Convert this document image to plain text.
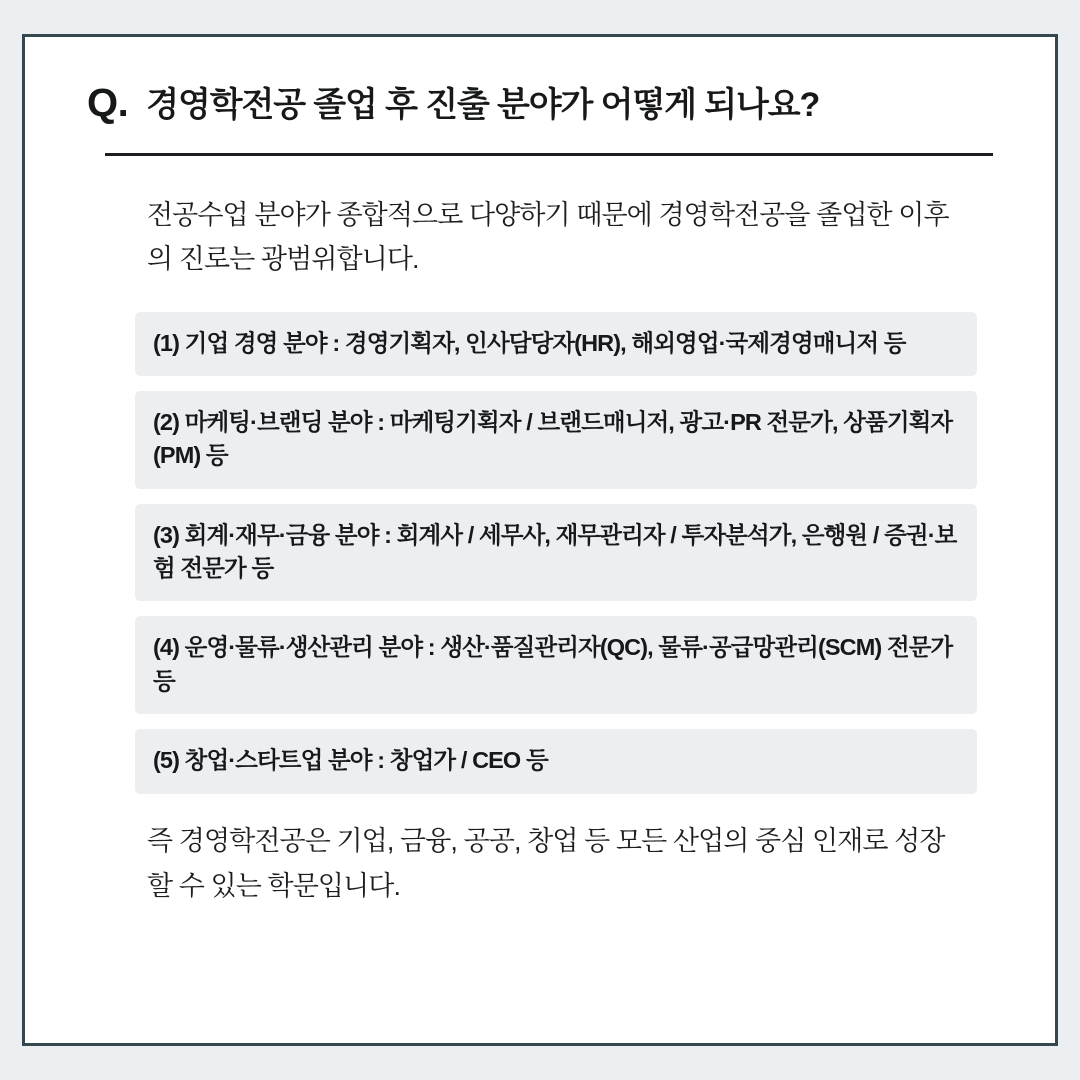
Q. 경영학전공 졸업 후 진출 분야가 어떻게 되나요?
전공수업 분야가 종합적으로 다양하기 때문에 경영학전공을 졸업한 이후의 진로는 광범위합니다.
(1) 기업 경영 분야 : 경영기획자, 인사담당자(HR), 해외영업·국제경영매니저 등
(2) 마케팅·브랜딩 분야 : 마케팅기획자 / 브랜드매니저, 광고·PR 전문가, 상품기획자(PM) 등
(3) 회계·재무·금융 분야 : 회계사 / 세무사, 재무관리자 / 투자분석가, 은행원 / 증권·보험 전문가 등
(4) 운영·물류·생산관리 분야 : 생산·품질관리자(QC), 물류·공급망관리(SCM) 전문가 등
(5) 창업·스타트업 분야 : 창업가 / CEO 등
즉 경영학전공은 기업, 금융, 공공, 창업 등 모든 산업의 중심 인재로 성장할 수 있는 학문입니다.
